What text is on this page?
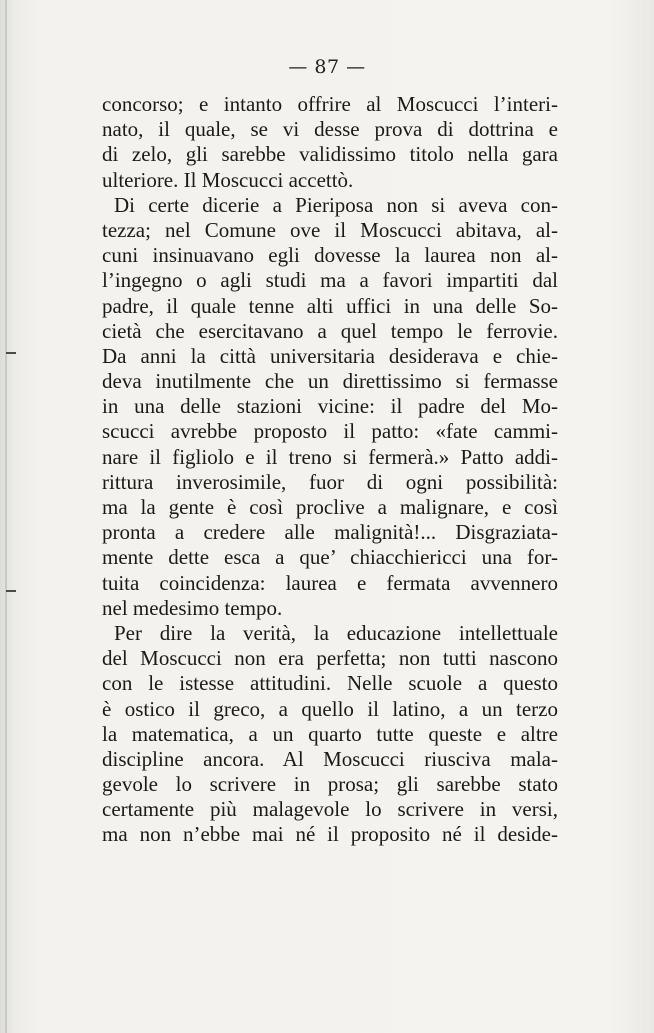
— 87 —
concorso; e intanto offrire al Moscucci l’interi-
nato, il quale, se vi desse prova di dottrina e
di zelo, gli sarebbe validissimo titolo nella gara
ulteriore. Il Moscucci accettò.
Di certe dicerie a Pieriposa non si aveva con-
tezza; nel Comune ove il Moscucci abitava, al-
cuni insinuavano egli dovesse la laurea non al-
l’ingegno o agli studi ma a favori impartiti dal
padre, il quale tenne alti uffici in una delle So-
cietà che esercitavano a quel tempo le ferrovie.
Da anni la città universitaria desiderava e chie-
deva inutilmente che un direttissimo si fermasse
in una delle stazioni vicine: il padre del Mo-
scucci avrebbe proposto il patto: «fate cammi-
nare il figliolo e il treno si fermerà.» Patto addi-
rittura inverosimile, fuor di ogni possibilità:
ma la gente è così proclive a malignare, e così
pronta a credere alle malignità!... Disgraziata-
mente dette esca a que’ chiacchiericci una for-
tuita coincidenza: laurea e fermata avvennero
nel medesimo tempo.
Per dire la verità, la educazione intellettuale
del Moscucci non era perfetta; non tutti nascono
con le istesse attitudini. Nelle scuole a questo
è ostico il greco, a quello il latino, a un terzo
la matematica, a un quarto tutte queste e altre
discipline ancora. Al Moscucci riusciva mala-
gevole lo scrivere in prosa; gli sarebbe stato
certamente più malagevole lo scrivere in versi,
ma non n’ebbe mai né il proposito né il deside-
